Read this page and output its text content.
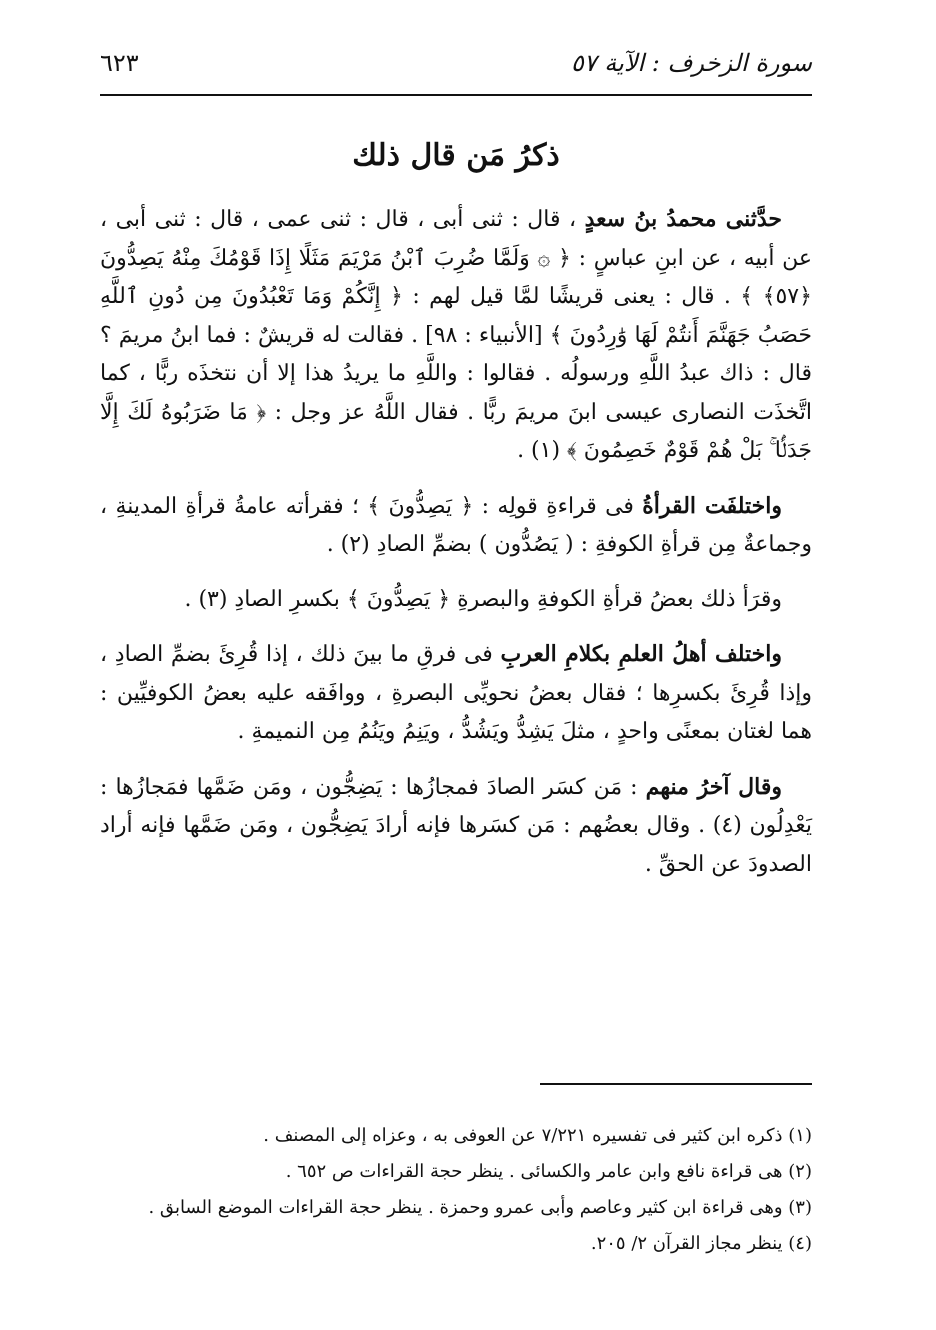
سورة الزخرف : الآية ٥٧
٦٢٣
ذكرُ مَن قال ذلك

حدَّثنى محمدُ بنُ سعدٍ ، قال : ثنى أبى ، قال : ثنى عمى ، قال : ثنى أبى ، عن أبيه ، عن ابنِ عباسٍ : ﴿ ۞ وَلَمَّا ضُرِبَ ٱبْنُ مَرْيَمَ مَثَلًا إِذَا قَوْمُكَ مِنْهُ يَصِدُّونَ ﴿٥٧﴾ ﴾ . قال : يعنى قريشًا لمَّا قيل لهم : ﴿ إِنَّكُمْ وَمَا تَعْبُدُونَ مِن دُونِ ٱللَّهِ حَصَبُ جَهَنَّمَ أَنتُمْ لَهَا وَٰرِدُونَ ﴾ [الأنبياء : ٩٨] . فقالت له قريشٌ : فما ابنُ مريمَ ؟ قال : ذاك عبدُ اللَّهِ ورسولُه . فقالوا : واللَّهِ ما يريدُ هذا إلا أن نتخذَه ربًّا ، كما اتَّخذَت النصارى عيسى ابنَ مريمَ ربًّا . فقال اللَّهُ عز وجل : ﴿ مَا ضَرَبُوهُ لَكَ إِلَّا جَدَلًۢا ۚ بَلْ هُمْ قَوْمٌ خَصِمُونَ ﴾ (١) .

واختلفَت القرأةُ فى قراءةِ قولِه : ﴿ يَصِدُّونَ ﴾ ؛ فقرأته عامةُ قرأةِ المدينةِ ، وجماعةٌ مِن قرأةِ الكوفةِ : ( يَصُدُّون ) بضمِّ الصادِ (٢) .

وقرَأ ذلك بعضُ قرأةِ الكوفةِ والبصرةِ ﴿ يَصِدُّونَ ﴾ بكسرِ الصادِ (٣) .

واختلف أهلُ العلمِ بكلامِ العربِ فى فرقِ ما بينَ ذلك ، إذا قُرِئَ بضمِّ الصادِ ، وإذا قُرِئَ بكسرِها ؛ فقال بعضُ نحويِّى البصرةِ ، ووافَقه عليه بعضُ الكوفيِّين : هما لغتان بمعنًى واحدٍ ، مثلَ يَشِدُّ ويَشُدُّ ، ويَنِمُ ويَنُمُ مِن النميمةِ .

وقال آخرُ منهم : مَن كسَر الصادَ فمجازُها : يَضِجُّون ، ومَن ضَمَّها فمَجازُها : يَعْدِلُون (٤) . وقال بعضُهم : مَن كسَرها فإنه أرادَ يَضِجُّون ، ومَن ضَمَّها فإنه أراد الصدودَ عن الحقِّ .

(١) ذكره ابن كثير فى تفسيره ٧/٢٢١ عن العوفى به ، وعزاه إلى المصنف .
(٢) هى قراءة نافع وابن عامر والكسائى . ينظر حجة القراءات ص ٦٥٢ .
(٣) وهى قراءة ابن كثير وعاصم وأبى عمرو وحمزة . ينظر حجة القراءات الموضع السابق .
(٤) ينظر مجاز القرآن ٢/ ٢٠٥.
